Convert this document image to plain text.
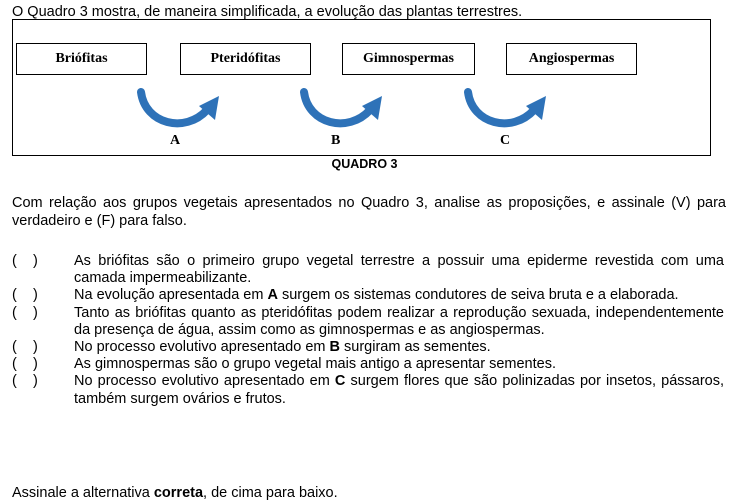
O Quadro 3 mostra, de maneira simplificada, a evolução das plantas terrestres.
Briófitas	Pteridófitas	Gimnospermas	Angiospermas
A	B	C
QUADRO 3
Com relação aos grupos vegetais apresentados no Quadro 3, analise as proposições, e assinale (V) para verdadeiro e (F) para falso.
(    )	As briófitas são o primeiro grupo vegetal terrestre a possuir uma epiderme revestida com uma camada impermeabilizante.
(    )	Na evolução apresentada em A surgem os sistemas condutores de seiva bruta e a elaborada.
(    )	Tanto as briófitas quanto as pteridófitas podem realizar a reprodução sexuada, independentemente da presença de água, assim como as gimnospermas e as angiospermas.
(    )	No processo evolutivo apresentado em B surgiram as sementes.
(    )	As gimnospermas são o grupo vegetal mais antigo a apresentar sementes.
(    )	No processo evolutivo apresentado em C surgem flores que são polinizadas por insetos, pássaros, também surgem ovários e frutos.
Assinale a alternativa correta, de cima para baixo.
